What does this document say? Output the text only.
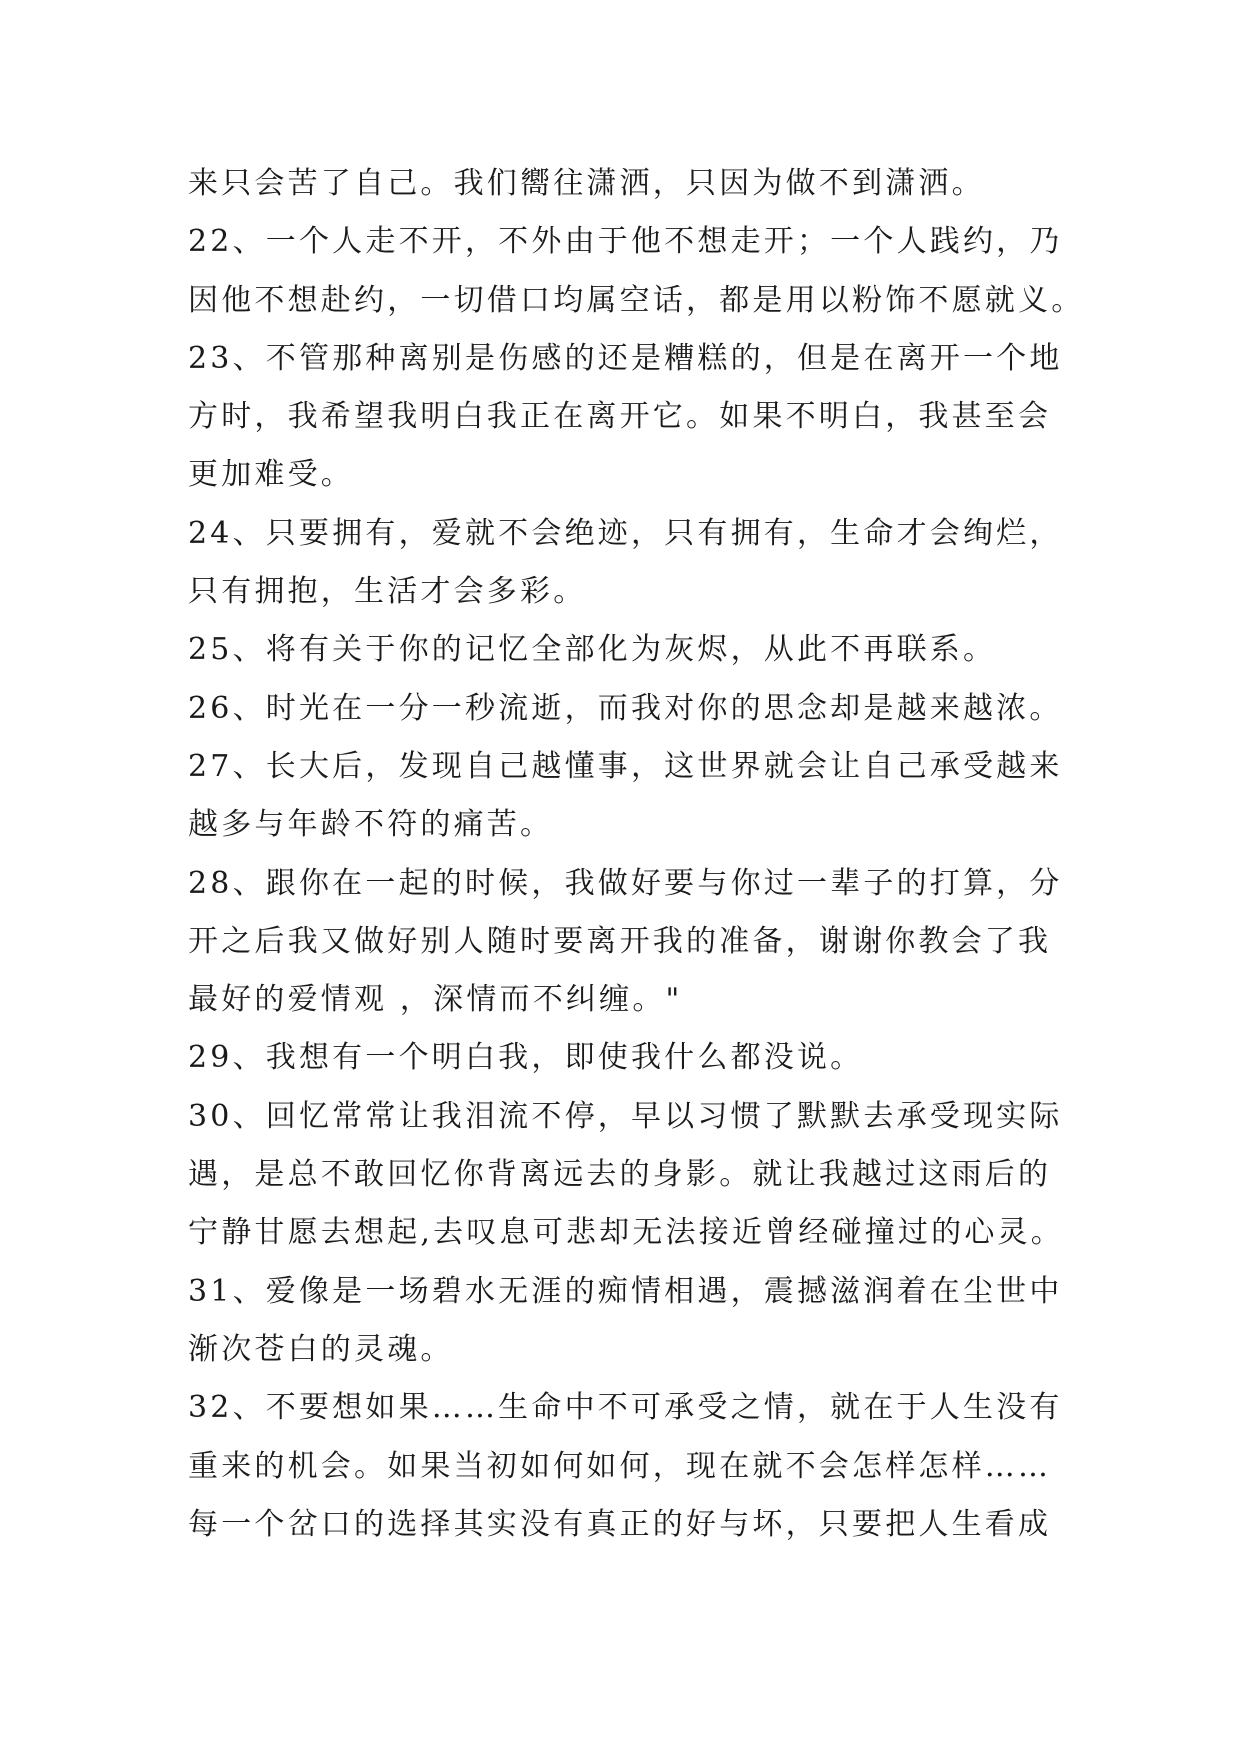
来只会苦了自己。我们嚮往潇洒，只因为做不到潇洒。
22、一个人走不开，不外由于他不想走开；一个人践约，乃
因他不想赴约，一切借口均属空话，都是用以粉饰不愿就义。
23、不管那种离别是伤感的还是糟糕的，但是在离开一个地
方时，我希望我明白我正在离开它。如果不明白，我甚至会
更加难受。
24、只要拥有，爱就不会绝迹，只有拥有，生命才会绚烂，
只有拥抱，生活才会多彩。
25、将有关于你的记忆全部化为灰烬，从此不再联系。
26、时光在一分一秒流逝，而我对你的思念却是越来越浓。
27、长大后，发现自己越懂事，这世界就会让自己承受越来
越多与年龄不符的痛苦。
28、跟你在一起的时候，我做好要与你过一辈子的打算，分
开之后我又做好别人随时要离开我的准备，谢谢你教会了我
最好的爱情观 ，深情而不纠缠。"
29、我想有一个明白我，即使我什么都没说。
30、回忆常常让我泪流不停，早以习惯了默默去承受现实际
遇，是总不敢回忆你背离远去的身影。就让我越过这雨后的
宁静甘愿去想起,去叹息可悲却无法接近曾经碰撞过的心灵。
31、爱像是一场碧水无涯的痴情相遇，震撼滋润着在尘世中
渐次苍白的灵魂。
32、不要想如果……生命中不可承受之情，就在于人生没有
重来的机会。如果当初如何如何，现在就不会怎样怎样……
每一个岔口的选择其实没有真正的好与坏，只要把人生看成
